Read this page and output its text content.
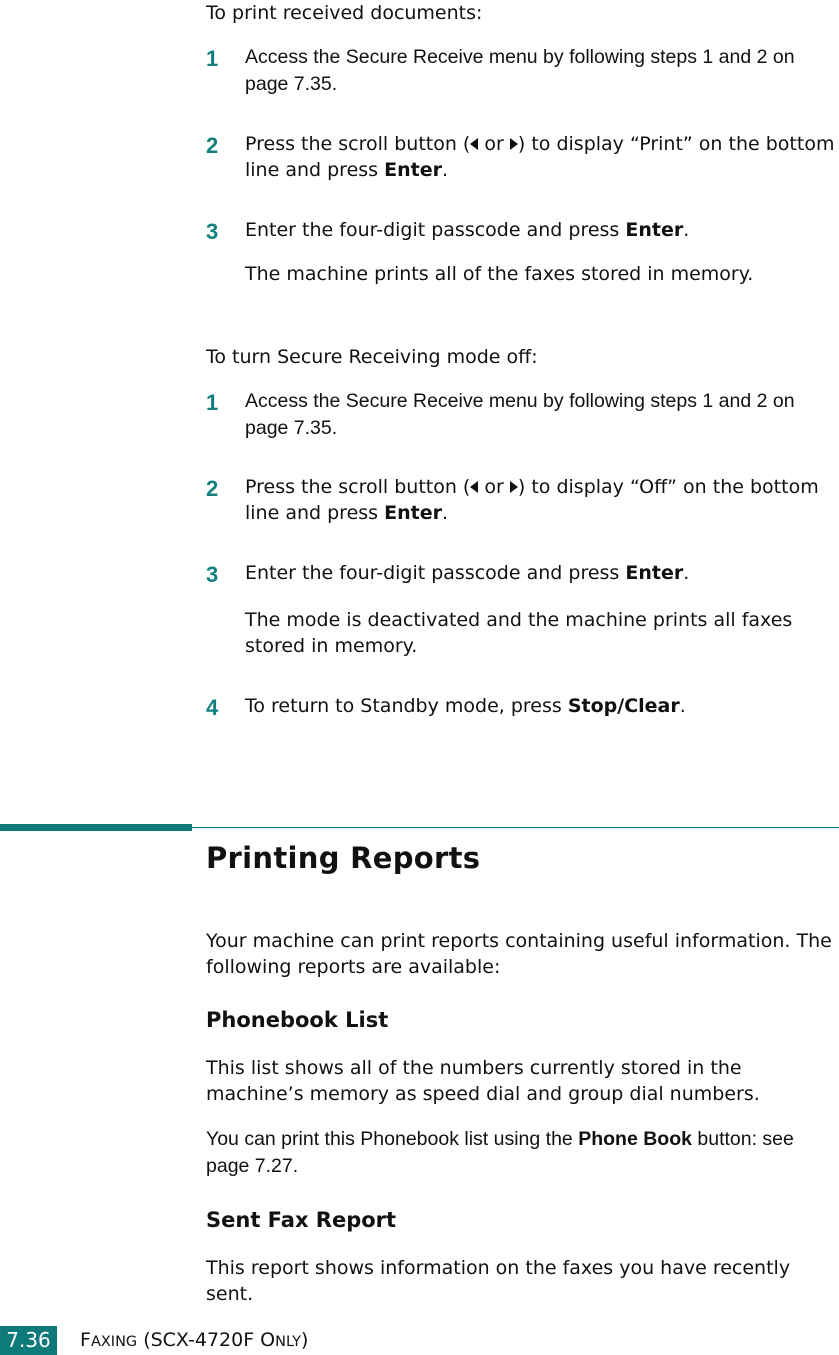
To print received documents:

1	Access the Secure Receive menu by following steps 1 and 2 on page 7.35.

2	Press the scroll button ( or ) to display “Print” on the bottom line and press Enter.

3	Enter the four-digit passcode and press Enter.

The machine prints all of the faxes stored in memory.

To turn Secure Receiving mode off:

1	Access the Secure Receive menu by following steps 1 and 2 on page 7.35.

2	Press the scroll button ( or ) to display “Off” on the bottom line and press Enter.

3	Enter the four-digit passcode and press Enter.

The mode is deactivated and the machine prints all faxes stored in memory.

4	To return to Standby mode, press Stop/Clear.

Printing Reports

Your machine can print reports containing useful information. The following reports are available:

Phonebook List

This list shows all of the numbers currently stored in the machine’s memory as speed dial and group dial numbers.

You can print this Phonebook list using the Phone Book button: see page 7.27.

Sent Fax Report

This report shows information on the faxes you have recently sent.

7.36	FAXING (SCX-4720F ONLY)
